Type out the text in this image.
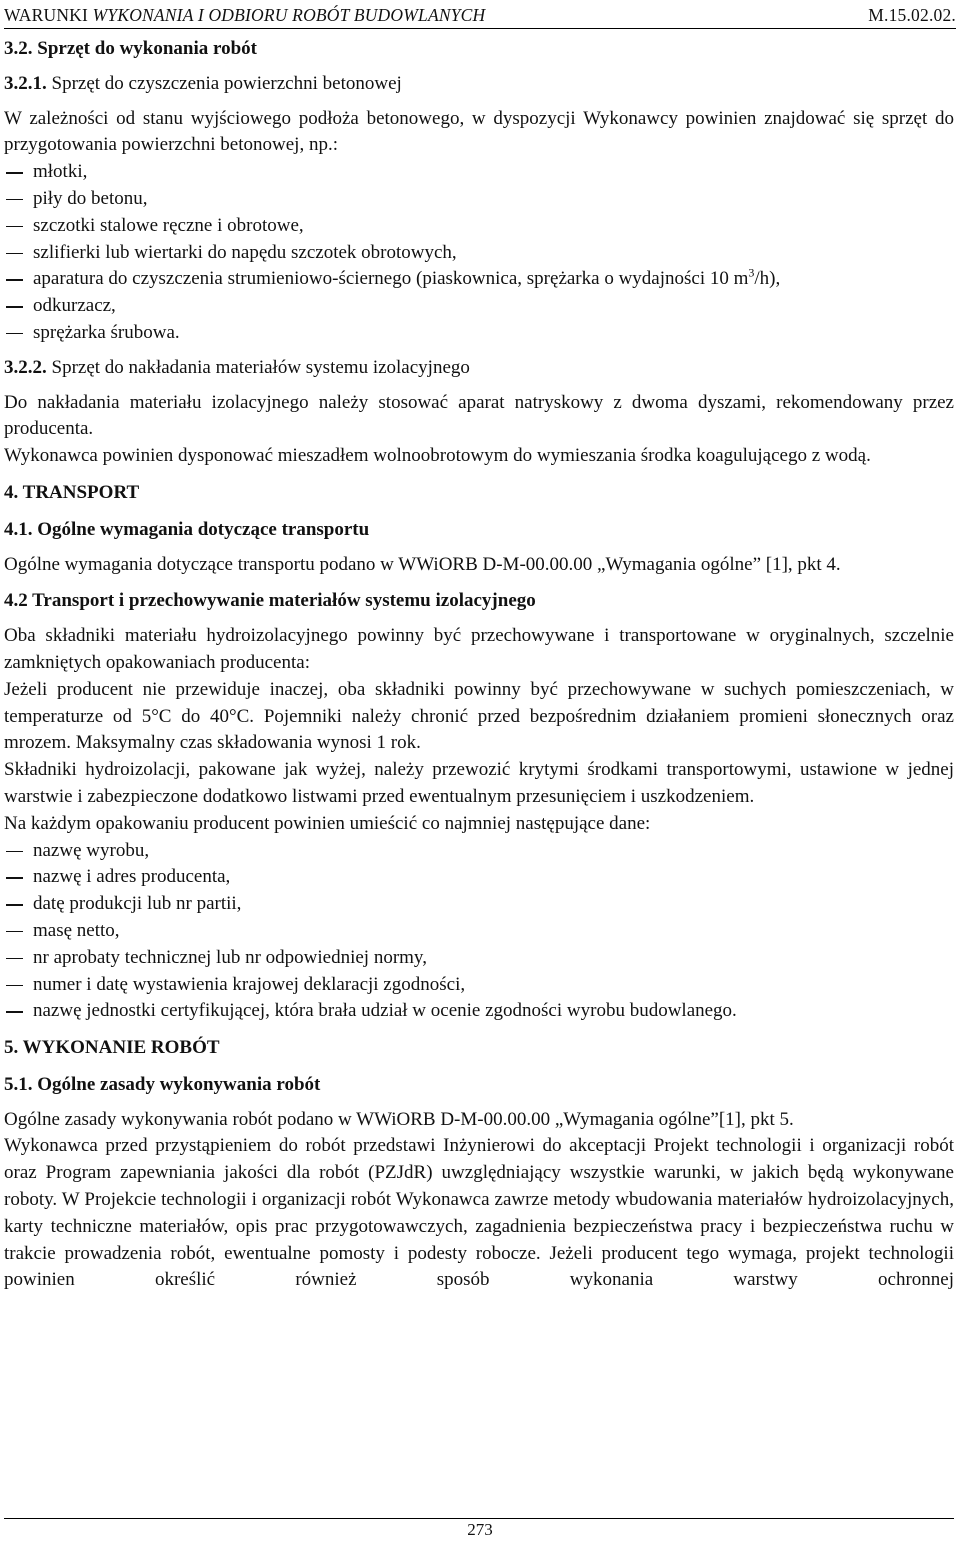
WARUNKI WYKONANIA I ODBIORU ROBÓT BUDOWLANYCH	M.15.02.02.

3.2. Sprzęt do wykonania robót

3.2.1. Sprzęt do czyszczenia powierzchni betonowej

W zależności od stanu wyjściowego podłoża betonowego, w dyspozycji Wykonawcy powinien znajdować się sprzęt do przygotowania powierzchni betonowej, np.:

młotki,
piły do betonu,
szczotki stalowe ręczne i obrotowe,
szlifierki lub wiertarki do napędu szczotek obrotowych,
aparatura do czyszczenia strumieniowo-ściernego (piaskownica, sprężarka o wydajności 10 $m^3/h$),
odkurzacz,
sprężarka śrubowa.

3.2.2. Sprzęt do nakładania materiałów systemu izolacyjnego

Do nakładania materiału izolacyjnego należy stosować aparat natryskowy z dwoma dyszami, rekomendowany przez producenta.

Wykonawca powinien dysponować mieszadłem wolnoobrotowym do wymieszania środka koagulującego z wodą.

4. TRANSPORT

4.1. Ogólne wymagania dotyczące transportu

Ogólne wymagania dotyczące transportu podano w WWiORB D-M-00.00.00 „Wymagania ogólne” [1], pkt 4.

4.2 Transport i przechowywanie materiałów systemu izolacyjnego

Oba składniki materiału hydroizolacyjnego powinny być przechowywane i transportowane w oryginalnych, szczelnie zamkniętych opakowaniach producenta:

Jeżeli producent nie przewiduje inaczej, oba składniki powinny być przechowywane w suchych pomieszczeniach, w temperaturze od 5°C do 40°C. Pojemniki należy chronić przed bezpośrednim działaniem promieni słonecznych oraz mrozem. Maksymalny czas składowania wynosi 1 rok.

Składniki hydroizolacji, pakowane jak wyżej, należy przewozić krytymi środkami transportowymi, ustawione w jednej warstwie i zabezpieczone dodatkowo listwami przed ewentualnym przesunięciem i uszkodzeniem.

Na każdym opakowaniu producent powinien umieścić co najmniej następujące dane:

nazwę wyrobu,
nazwę i adres producenta,
datę produkcji lub nr partii,
masę netto,
nr aprobaty technicznej lub nr odpowiedniej normy,
numer i datę wystawienia krajowej deklaracji zgodności,
nazwę jednostki certyfikującej, która brała udział w ocenie zgodności wyrobu budowlanego.

5. WYKONANIE ROBÓT

5.1. Ogólne zasady wykonywania robót

Ogólne zasady wykonywania robót podano w WWiORB D-M-00.00.00 „Wymagania ogólne”[1], pkt 5.

Wykonawca przed przystąpieniem do robót przedstawi Inżynierowi do akceptacji Projekt technologii i organizacji robót oraz Program zapewniania jakości dla robót (PZJdR) uwzględniający wszystkie warunki, w jakich będą wykonywane roboty. W Projekcie technologii i organizacji robót Wykonawca zawrze metody wbudowania materiałów hydroizolacyjnych, karty techniczne materiałów, opis prac przygotowawczych, zagadnienia bezpieczeństwa pracy i bezpieczeństwa ruchu w trakcie prowadzenia robót, ewentualne pomosty i podesty robocze. Jeżeli producent tego wymaga, projekt technologii powinien określić również sposób wykonania warstwy ochronnej

273
